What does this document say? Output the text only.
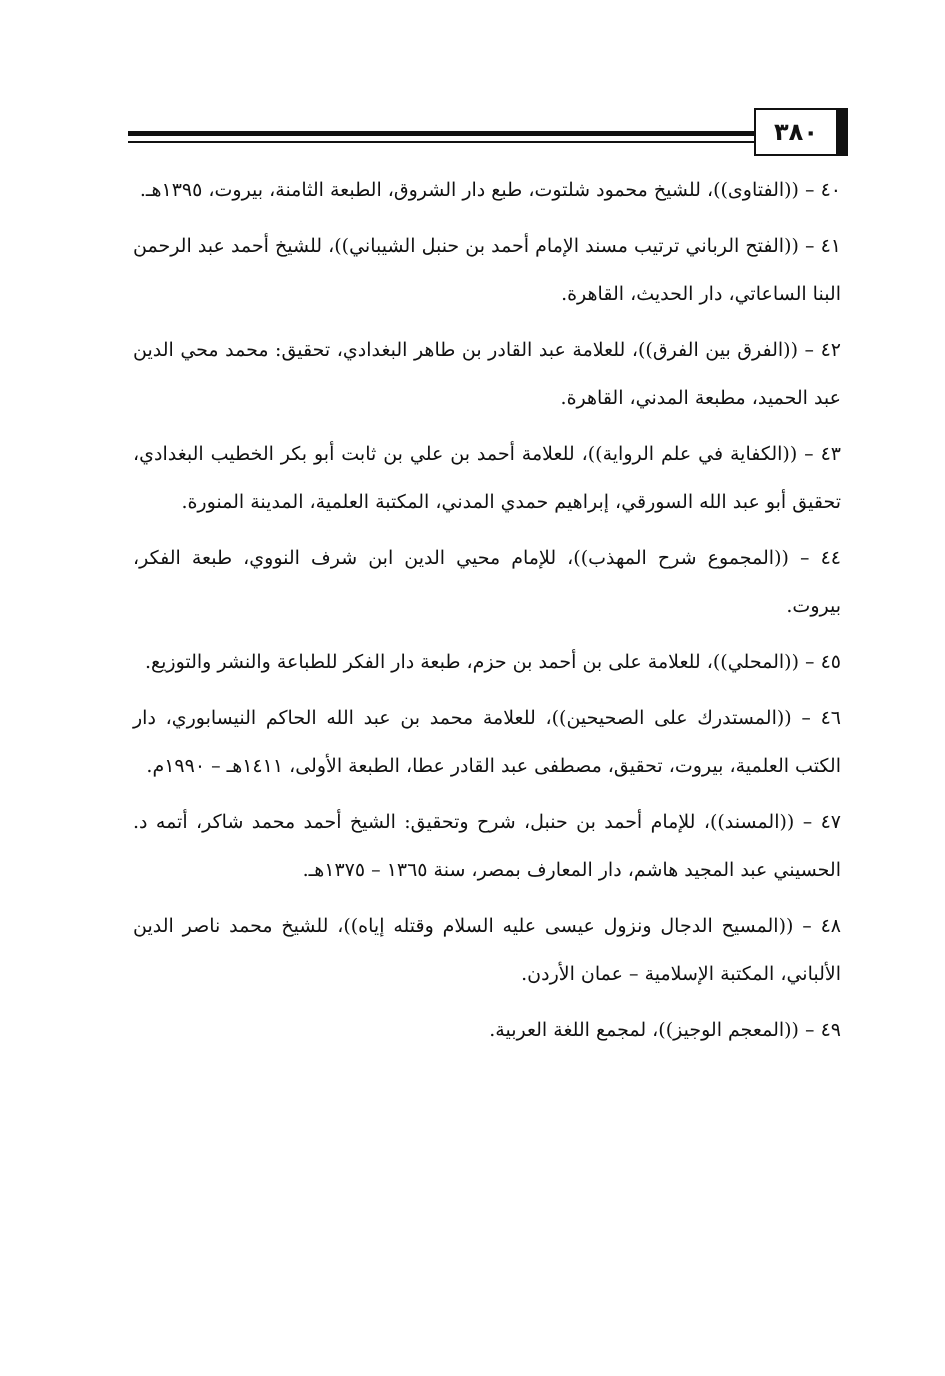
٣٨٠

٤٠ – ((الفتاوى))، للشيخ محمود شلتوت، طبع دار الشروق، الطبعة الثامنة، بيروت، ١٣٩٥هـ.

٤١ – ((الفتح الرباني ترتيب مسند الإمام أحمد بن حنبل الشيباني))، للشيخ أحمد عبد الرحمن البنا الساعاتي، دار الحديث، القاهرة.

٤٢ – ((الفرق بين الفرق))، للعلامة عبد القادر بن طاهر البغدادي، تحقيق: محمد محي الدين عبد الحميد، مطبعة المدني، القاهرة.

٤٣ – ((الكفاية في علم الرواية))، للعلامة أحمد بن علي بن ثابت أبو بكر الخطيب البغدادي، تحقيق أبو عبد الله السورقي، إبراهيم حمدي المدني، المكتبة العلمية، المدينة المنورة.

٤٤ – ((المجموع شرح المهذب))، للإمام محيي الدين ابن شرف النووي، طبعة الفكر، بيروت.

٤٥ – ((المحلي))، للعلامة على بن أحمد بن حزم، طبعة دار الفكر للطباعة والنشر والتوزيع.

٤٦ – ((المستدرك على الصحيحين))، للعلامة محمد بن عبد الله الحاكم النيسابوري، دار الكتب العلمية، بيروت، تحقيق، مصطفى عبد القادر عطا، الطبعة الأولى، ١٤١١هـ – ١٩٩٠م.

٤٧ – ((المسند))، للإمام أحمد بن حنبل، شرح وتحقيق: الشيخ أحمد محمد شاكر، أتمه د. الحسيني عبد المجيد هاشم، دار المعارف بمصر، سنة ١٣٦٥ – ١٣٧٥هـ.

٤٨ – ((المسيح الدجال ونزول عيسى عليه السلام وقتله إياه))، للشيخ محمد ناصر الدين الألباني، المكتبة الإسلامية – عمان الأردن.

٤٩ – ((المعجم الوجيز))، لمجمع اللغة العربية.
